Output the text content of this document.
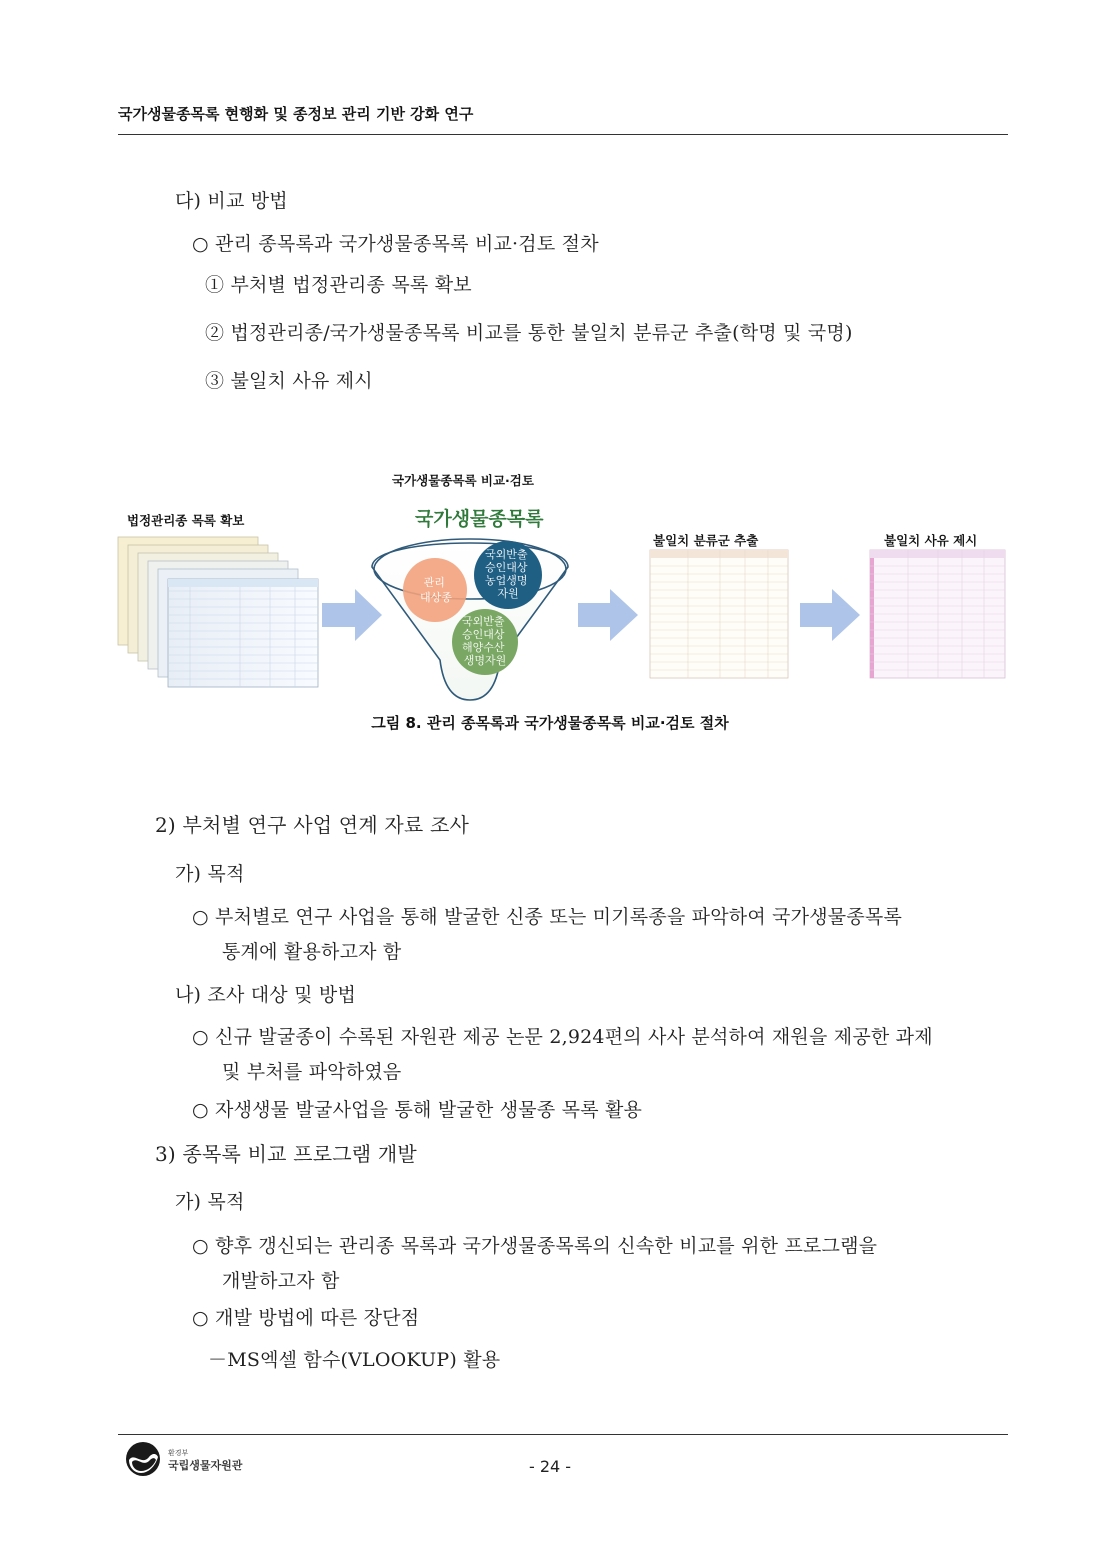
국가생물종목록 현행화 및 종정보 관리 기반 강화 연구
다) 비교 방법
○ 관리 종목록과 국가생물종목록 비교·검토 절차
① 부처별 법정관리종 목록 확보
② 법정관리종/국가생물종목록 비교를 통한 불일치 분류군 추출(학명 및 국명)
③ 불일치 사유 제시
국가생물종목록 비교·검토
법정관리종 목록 확보
불일치 분류군 추출	불일치 사유 제시
국가생물종목록
관리 대상종
국외반출 승인대상 농업생명 자원
국외반출 승인대상 해양수산 생명자원
그림 8. 관리 종목록과 국가생물종목록 비교·검토 절차
2) 부처별 연구 사업 연계 자료 조사
가) 목적
○ 부처별로 연구 사업을 통해 발굴한 신종 또는 미기록종을 파악하여 국가생물종목록
통계에 활용하고자 함
나) 조사 대상 및 방법
○ 신규 발굴종이 수록된 자원관 제공 논문 2,924편의 사사 분석하여 재원을 제공한 과제
및 부처를 파악하였음
○ 자생생물 발굴사업을 통해 발굴한 생물종 목록 활용
3) 종목록 비교 프로그램 개발
가) 목적
○ 향후 갱신되는 관리종 목록과 국가생물종목록의 신속한 비교를 위한 프로그램을
개발하고자 함
○ 개발 방법에 따른 장단점
－MS엑셀 함수(VLOOKUP) 활용
환경부
국립생물자원관	- 24 -
